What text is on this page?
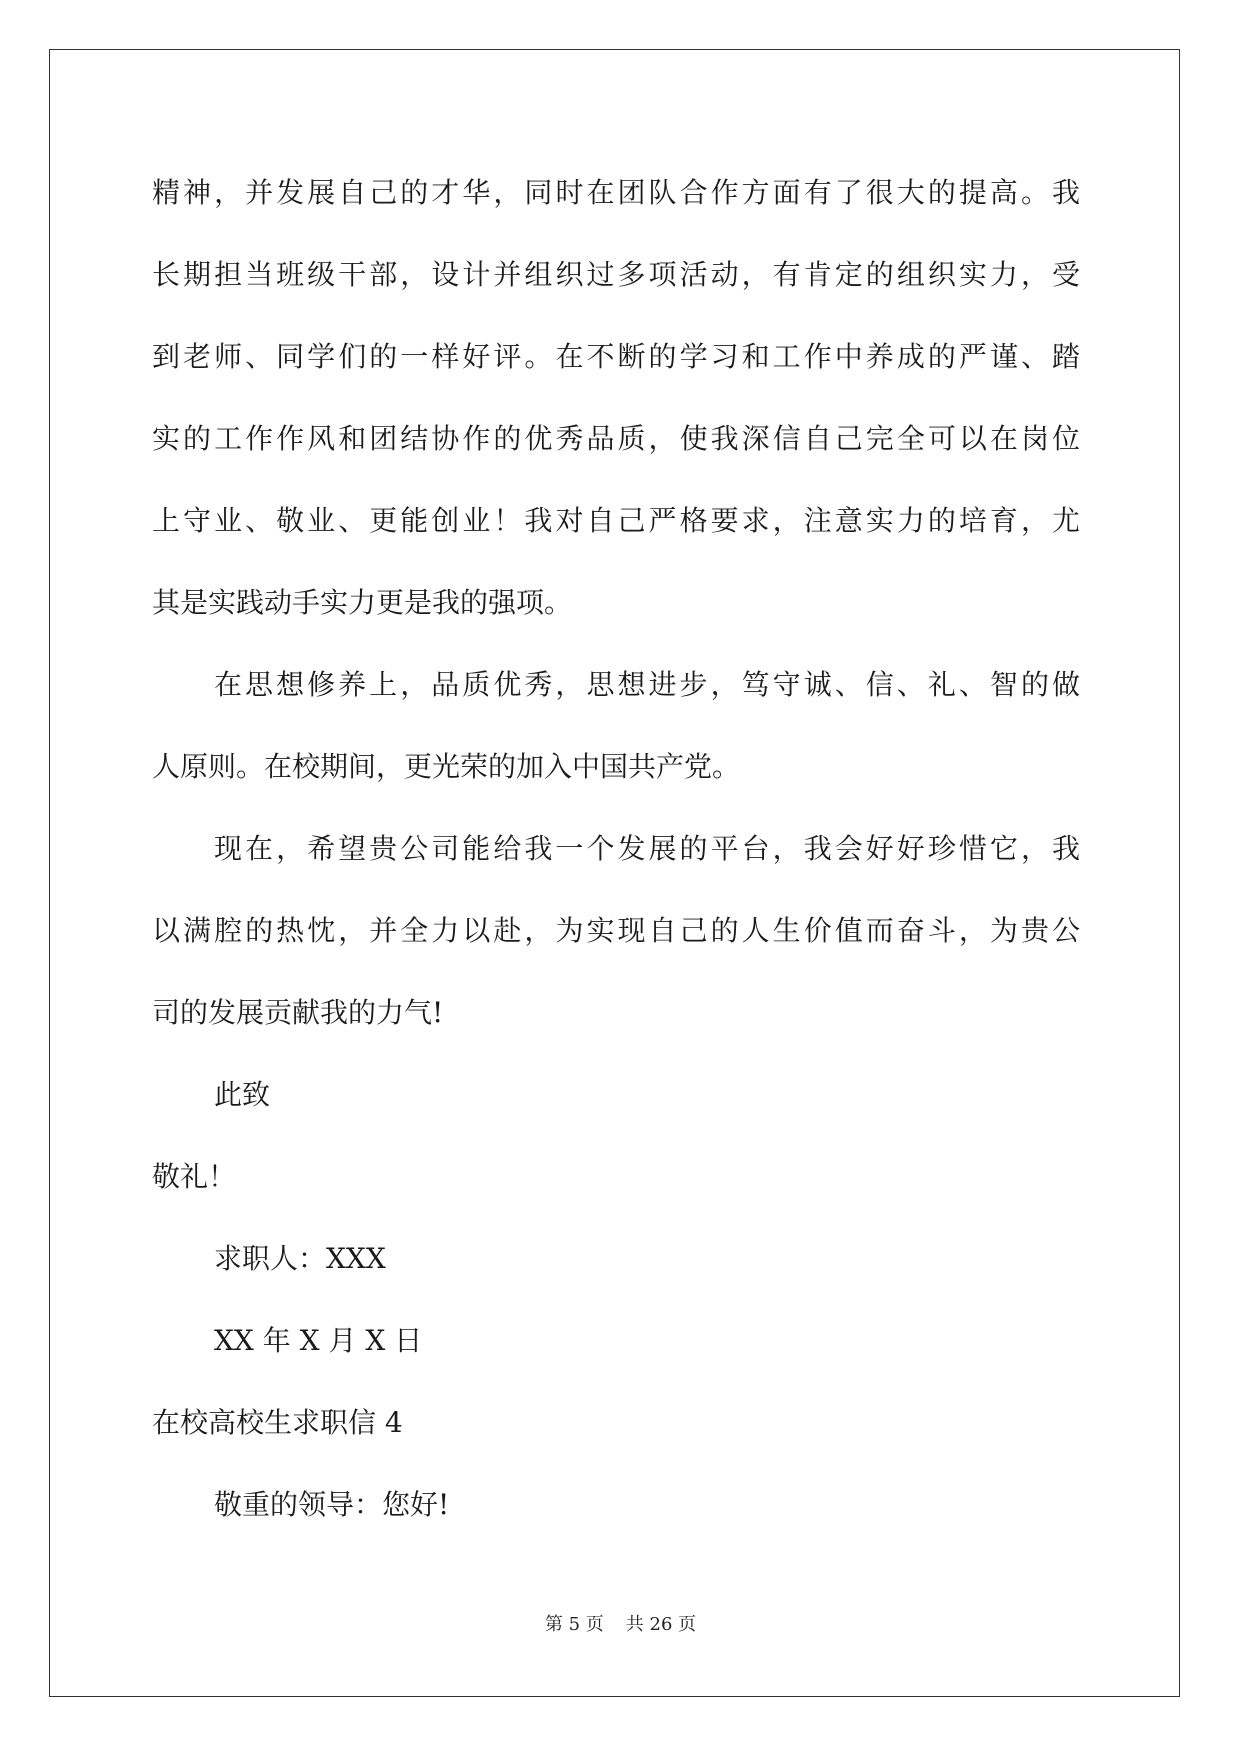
精神，并发展自己的才华，同时在团队合作方面有了很大的提高。我
长期担当班级干部，设计并组织过多项活动，有肯定的组织实力，受
到老师、同学们的一样好评。在不断的学习和工作中养成的严谨、踏
实的工作作风和团结协作的优秀品质，使我深信自己完全可以在岗位
上守业、敬业、更能创业！我对自己严格要求，注意实力的培育，尤
其是实践动手实力更是我的强项。
在思想修养上，品质优秀，思想进步，笃守诚、信、礼、智的做
人原则。在校期间，更光荣的加入中国共产党。
现在，希望贵公司能给我一个发展的平台，我会好好珍惜它，我
以满腔的热忱，并全力以赴，为实现自己的人生价值而奋斗，为贵公
司的发展贡献我的力气!
此致
敬礼！
求职人：XXX
XX 年 X 月 X 日
在校高校生求职信 4
敬重的领导：您好!
第 5 页 共 26 页
